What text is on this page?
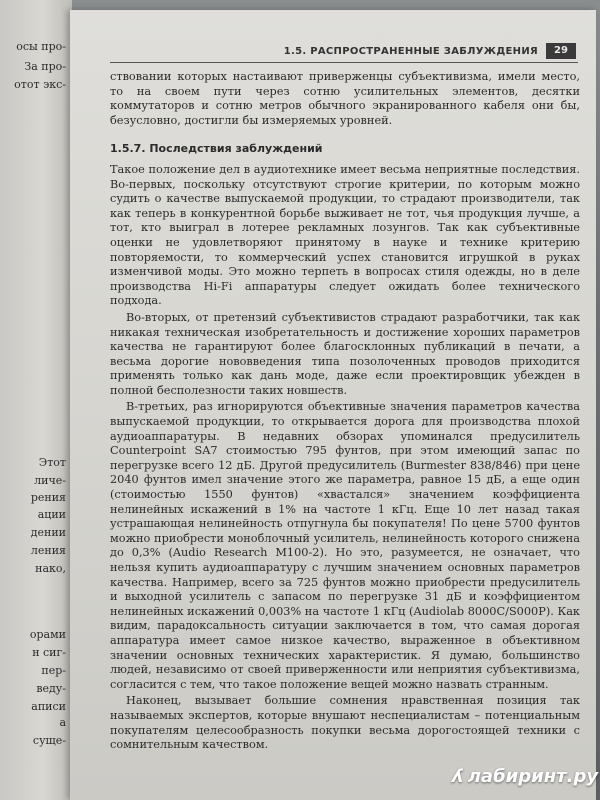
осы про-
За про-
отот экс-
Этот
личе-
рения
ации
дении
ления
нако,
орами
н сиг-
пер-
веду-
аписи
а
суще-
1.5. РАСПРОСТРАНЕННЫЕ ЗАБЛУЖДЕНИЯ	29

ствовании которых настаивают приверженцы субъективизма, имели место, то на своем пути через сотню усилительных элементов, десятки коммутаторов и сотню метров обычного экранированного кабеля они бы, безусловно, достигли бы измеряемых уровней.

1.5.7. Последствия заблуждений

Такое положение дел в аудиотехнике имеет весьма неприятные последствия. Во-первых, поскольку отсутствуют строгие критерии, по которым можно судить о качестве выпускаемой продукции, то страдают производители, так как теперь в конкурентной борьбе выживает не тот, чья продукция лучше, а тот, кто выиграл в лотерее рекламных лозунгов. Так как субъективные оценки не удовлетворяют принятому в науке и технике критерию повторяемости, то коммерческий успех становится игрушкой в руках изменчивой моды. Это можно терпеть в вопросах стиля одежды, но в деле производства Hi-Fi аппаратуры следует ожидать более технического подхода.

Во-вторых, от претензий субъективистов страдают разработчики, так как никакая техническая изобретательность и достижение хороших параметров качества не гарантируют более благосклонных публикаций в печати, а весьма дорогие нововведения типа позолоченных проводов приходится применять только как дань моде, даже если проектировщик убежден в полной бесполезности таких новшеств.

В-третьих, раз игнорируются объективные значения параметров качества выпускаемой продукции, то открывается дорога для производства плохой аудиоаппаратуры. В недавних обзорах упоминался предусилитель Counterpoint SA7 стоимостью 795 фунтов, при этом имеющий запас по перегрузке всего 12 дБ. Другой предусилитель (Burmester 838/846) при цене 2040 фунтов имел значение этого же параметра, равное 15 дБ, а еще один (стоимостью 1550 фунтов) «хвастался» значением коэффициента нелинейных искажений в 1% на частоте 1 кГц. Еще 10 лет назад такая устрашающая нелинейность отпугнула бы покупателя! По цене 5700 фунтов можно приобрести моноблочный усилитель, нелинейность которого снижена до 0,3% (Audio Research M100-2). Но это, разумеется, не означает, что нельзя купить аудиоаппаратуру с лучшим значением основных параметров качества. Например, всего за 725 фунтов можно приобрести предусилитель и выходной усилитель с запасом по перегрузке 31 дБ и коэффициентом нелинейных искажений 0,003% на частоте 1 кГц (Audiolab 8000C/S000P). Как видим, парадоксальность ситуации заключается в том, что самая дорогая аппаратура имеет самое низкое качество, выраженное в объективном значении основных технических характеристик. Я думаю, большинство людей, независимо от своей приверженности или неприятия субъективизма, согласится с тем, что такое положение вещей можно назвать странным.

Наконец, вызывает большие сомнения нравственная позиция так называемых экспертов, которые внушают неспециалистам – потенциальным покупателям целесообразность покупки весьма дорогостоящей техники с сомнительным качеством.

ʎ лабиринт.ру
